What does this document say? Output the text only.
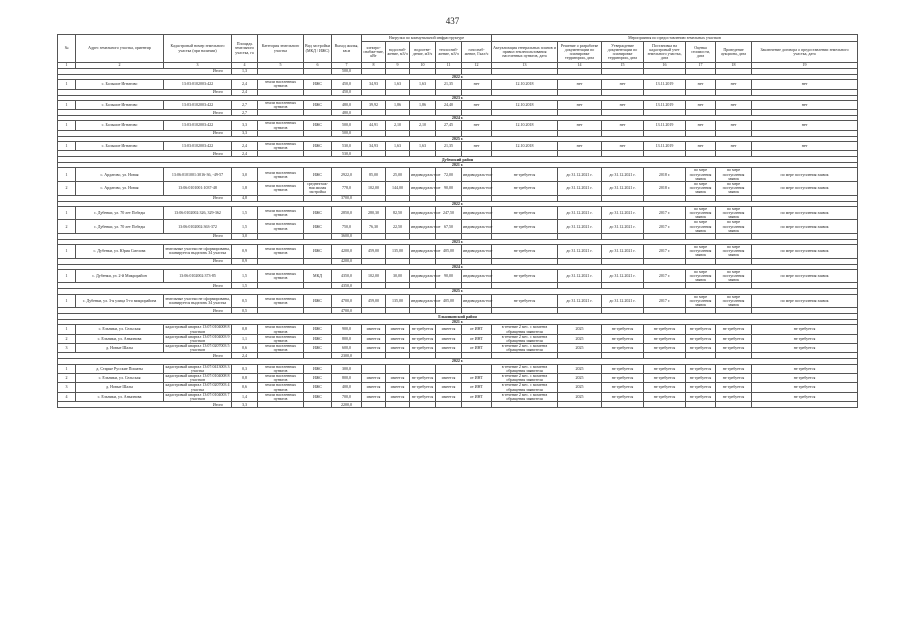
437
№	Адрес земельного участка, ориентир	Кадастровый номер земельного участка (при наличии)	Площадь земельного участка, га	Категория земельного участка	Вид застройки (МКД / ИЖС)	Выход жилья, кв.м	Нагрузки по коммунальной инфраструктуре					Мероприятия по предоставлению земельных участков						
							электро-снабже-ние, кВт	водоснаб-жение, м3/ч	водоотве-дение, м3/ч	теплоснаб-жение, м3/ч	газоснаб-жение, Гкал/ч	Актуализация генеральных планов и правил землепользования населенных пунктов, дата	Решение о разработке документации по планировке территории, дата	Утверждение документации по планировке территории, дата	Постановка на кадастровый учет земельного участка, дата	Оценка стоимости, дата	Проведение аукциона, дата	Заключение договора о предоставлении земельного участка, дата
1	2	3	4	5	6	7	8	9	10	11	12	13	14	15	16	17	18	19
Итого			1,3			500,0												
2022 г.																		
1	с. Большое Игнатово	13:03:0102003:422	2,4	земли населенных пунктов	ИЖС	450,0	34,93	1,63	1,63	21,35	нет	12.10.2018	нет	нет	13.11.2019	нет	нет	нет
Итого			2,4			450,0												
2023 г.																		
1	с. Большое Игнатово	13:03:0102003:422	2,7	земли населенных пунктов	ИЖС	480,0	39,92	1,86	1,86	24,40	нет	12.10.2018	нет	нет	13.11.2019	нет	нет	нет
Итого			2,7			480,0												
2024 г.																		
1	с. Большое Игнатово	13:03:0102003:422	3,3	земли населенных пунктов	ИЖС	500,0	44,91	2,10	2,10	27,45	нет	12.10.2018	нет	нет	13.11.2019	нет	нет	нет
Итого			3,3			500,0												
2025 г.																		
1	с. Большое Игнатово	13:03:0102003:422	2,4	земли населенных пунктов	ИЖС	530,0	34,93	1,63	1,63	21,35	нет	12.10.2018	нет	нет	13.11.2019	нет	нет	нет
Итого			2,4			530,0												
Дубенский район																		
2021 г.																		
1	с. Ардатово, ул. Новая	13:06:0101001:3016-36, -49-57	3,0	земли населенных пунктов	ИЖС	2922,0	85,00	25,00	индивидуаль-ное	72,00	индивидуаль-ное	не требуется	до 31.12.2021 г.	до 31.12.2021 г.	2018 г.	по мере поступления заявок	по мере поступления заявок	по мере поступления заявок
2	с. Ардатово, ул. Новая	13:06:0101001:1037-48	1,8	земли населенных пунктов	среднеэтаж-ная жилая застройка	778,0	102,00	144,00	индивидуаль-ное	90,00	индивидуаль-ное	не требуется	до 31.12.2021 г.	до 31.12.2021 г.	2018 г.	по мере поступления заявок	по мере поступления заявок	по мере поступления заявок
Итого			4,8			3700,0												
2022 г.																		
1	с. Дубенки, ул. 70 лет Победы	13:06:0102002:326, 329-362	1,5	земли населенных пунктов	ИЖС	2850,0	280,30	82,50	индивидуаль-ное	247,50	индивидуаль-ное	не требуется	до 31.12.2021 г.	до 31.12.2021 г.	2017 г.	по мере поступления заявок	по мере поступления заявок	по мере поступления заявок
2	с. Дубенки, ул. 70 лет Победы	13:06:0102002:363-372	1,5	земли населенных пунктов	ИЖС	750,0	76,30	22,50	индивидуаль-ное	67,50	индивидуаль-ное	не требуется	до 31.12.2021 г.	до 31.12.2021 г.	2017 г.	по мере поступления заявок	по мере поступления заявок	по мере поступления заявок
Итого			3,0			3600,0												
2023 г.																		
1	с. Дубенки, ул. Юрия Смелова	земельные участки не сформированы, планируется выделить 34 участка	0,9	земли населенных пунктов	ИЖС	4200,0	459,00	135,00	индивидуаль-ное	405,00	индивидуаль-ное	не требуется	до 31.12.2021 г.	до 31.12.2021 г.	2017 г.	по мере поступления заявок	по мере поступления заявок	по мере поступления заявок
Итого			0,9			4200,0												
2024 г.																		
1	с. Дубенки, ул. 2-й Микрорайон	13:06:0102002:373-85	1,5	земли населенных пунктов	МКД	4350,0	102,00	30,00	индивидуаль-ное	90,00	индивидуаль-ное	не требуется	до 31.12.2021 г.	до 31.12.2021 г.	2017 г.	по мере поступления заявок	по мере поступления заявок	по мере поступления заявок
Итого			1,5			4350,0												
2025 г.																		
1	с. Дубенки, ул. 3-я улица 5-го микрорайона	земельные участки не сформированы, планируется выделить 34 участка	0,5	земли населенных пунктов	ИЖС	4700,0	459,00	135,00	индивидуаль-ное	405,00	индивидуаль-ное	не требуется	до 31.12.2021 г.	до 31.12.2021 г.	2017 г.	по мере поступления заявок	по мере поступления заявок	по мере поступления заявок
Итого			0,5			4700,0												
Ельниковский район																		
2021 г.																		
1	с. Ельники, ул. Сельская	кадастровый квартал 13:07:0104008 8 участков	0,8	земли населенных пунктов	ИЖС	900,0	имеется	имеется	не требуется	имеется	от ИНТ	в течение 2 мес. с момента обращения заявителя	2025	не требуется	не требуется	не требуется	не требуется	не требуется
2	с. Ельники, ул. Аныпнова	кадастровый квартал 13:07:0104003 9 участков	1,1	земли населенных пунктов	ИЖС	800,0	имеется	имеется	не требуется	имеется	от ИНТ	в течение 2 мес. с момента обращения заявителя	2025	не требуется	не требуется	не требуется	не требуется	не требуется
3	д. Новые Шалы	кадастровый квартал 13:07:0207003 5 участков	0,6	земли населенных пунктов	ИЖС	600,0	имеется	имеется	не требуется	имеется	от ИНТ	в течение 2 мес. с момента обращения заявителя	2025	не требуется	не требуется	не требуется	не требуется	не требуется
Итого			2,4			2300,0												
2022 г.																		
1	д. Старые Русские Пошаты	кадастровый квартал 13:07:0413003 3 участка	0,3	земли населенных пунктов	ИЖС	300,0						в течение 2 мес. с момента обращения заявителя	2025	не требуется	не требуется	не требуется	не требуется	не требуется
2	с. Ельники, ул. Сельская	кадастровый квартал 13:07:0104008 8 участков	0,8	земли населенных пунктов	ИЖС	800,0	имеется	имеется	не требуется	имеется	от ИНТ	в течение 2 мес. с момента обращения заявителя	2025	не требуется	не требуется	не требуется	не требуется	не требуется
3	д. Новые Шалы	кадастровый квартал 13:07:0207003 4 участка	0,6	земли населенных пунктов	ИЖС	400,0	имеется	имеется	не требуется	имеется	от ИНТ	в течение 2 мес. с момента обращения заявителя	2025	не требуется	не требуется	не требуется	не требуется	не требуется
4	с. Ельники, ул. Аныпнова	кадастровый квартал 13:07:0104003 7 участков	1,4	земли населенных пунктов	ИЖС	700,0	имеется	имеется	не требуется	имеется	от ИНТ	в течение 2 мес. с момента обращения заявителя	2025	не требуется	не требуется	не требуется	не требуется	не требуется
Итого			3,3			2200,0												
